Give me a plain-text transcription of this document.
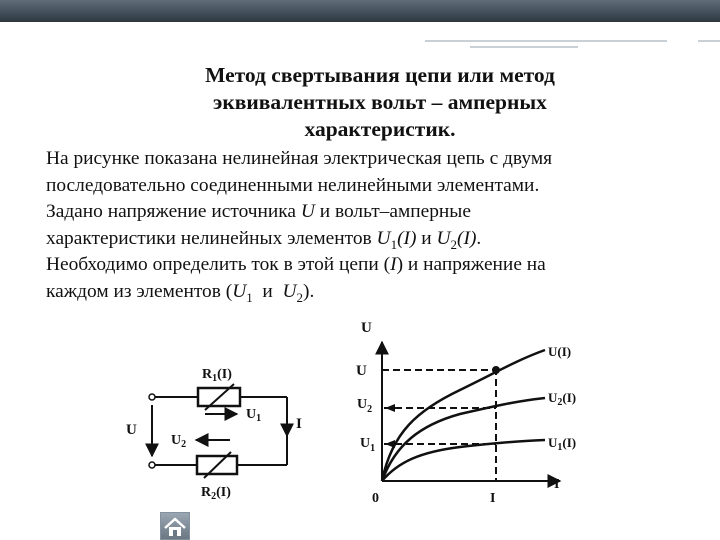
Метод свертывания цепи или метод
эквивалентных вольт – амперных
характеристик.
На рисунке показана нелинейная электрическая цепь с двумя
последовательно соединенными нелинейными элементами.
Задано напряжение источника U и вольт–амперные
характеристики нелинейных элементов $U_1(I)$ и $U_2(I)$.
Необходимо определить ток в этой цепи (I) и напряжение на
каждом из элементов ($U_1$  и  $U_2$).
$R_1(I)$
$U_1$ I
U
$U_2$
$R_2(I)$
U
U
$U_2$
$U_1$
0	I
I
U(I)
$U_2(I)$
$U_1(I)$
